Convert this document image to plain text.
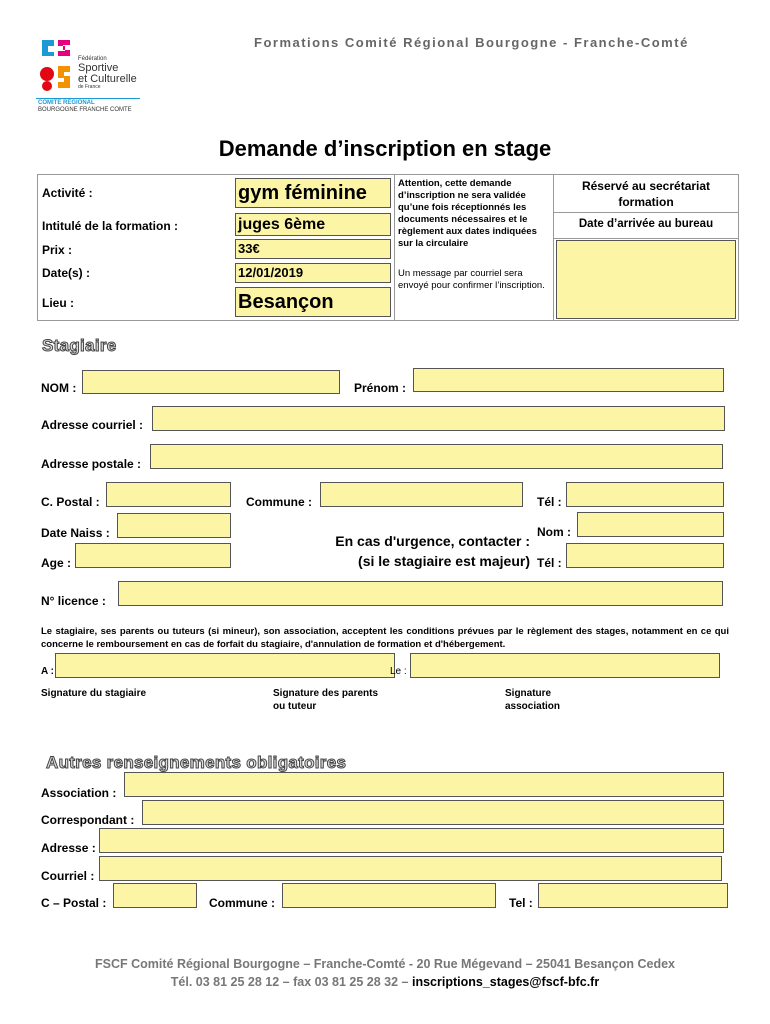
Fédération
Sportive
et Culturelle
de France
COMITÉ RÉGIONAL
BOURGOGNE FRANCHE COMTE
Formations Comité Régional Bourgogne - Franche-Comté
Demande d’inscription en stage
Activité :	gym féminine
Intitulé de la formation :	juges 6ème
Prix :	33€
Date(s) :	12/01/2019
Lieu :	Besançon
Attention, cette demande d’inscription ne sera validée qu’une fois réceptionnés les documents nécessaires et le règlement aux dates indiquées sur la circulaire
Un message par courriel sera envoyé pour confirmer l’inscription.
Réservé au secrétariat formation
Date d’arrivée au bureau
Stagiaire
NOM :	Prénom :
Adresse courriel :
Adresse postale :
C. Postal :	Commune :	Tél :
Date Naiss :
Age :
En cas d'urgence, contacter :
(si le stagiaire est majeur)
Nom :
Tél :
N° licence :
Le stagiaire, ses parents ou tuteurs (si mineur), son association, acceptent les conditions prévues par le règlement des stages, notamment en ce qui concerne le remboursement en cas de forfait du stagiaire, d'annulation de formation et d'hébergement.
A :	Le :
Signature du stagiaire	Signature des parents ou tuteur
Signature association
Autres renseignements obligatoires
Association :
Correspondant :
Adresse :
Courriel :
C – Postal :	Commune :	Tel :
FSCF Comité Régional Bourgogne – Franche-Comté - 20 Rue Mégevand – 25041 Besançon Cedex
Tél. 03 81 25 28 12 – fax 03 81 25 28 32 – inscriptions_stages@fscf-bfc.fr
